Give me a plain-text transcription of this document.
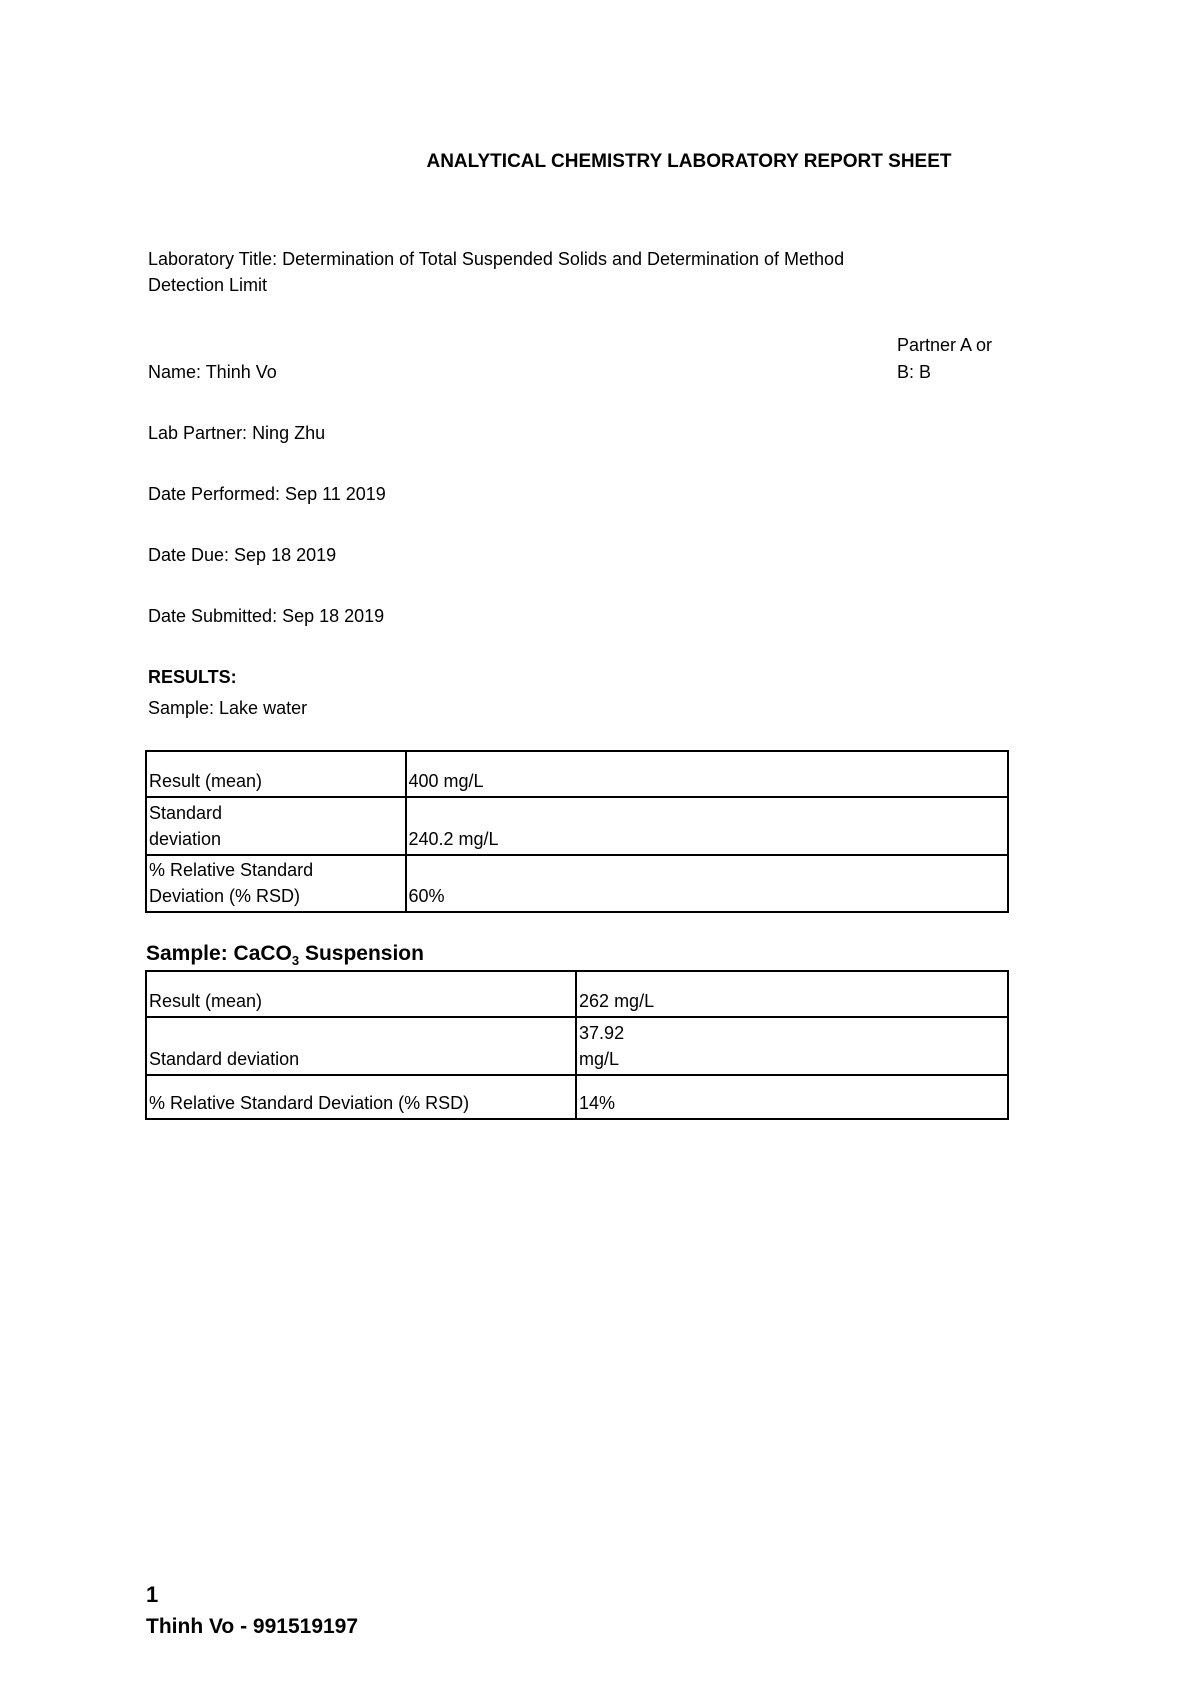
ANALYTICAL CHEMISTRY LABORATORY REPORT SHEET
Laboratory Title: Determination of Total Suspended Solids and Determination of Method
Detection Limit
Partner A or
B: B
Name: Thinh Vo
Lab Partner: Ning Zhu
Date Performed: Sep 11 2019
Date Due: Sep 18 2019
Date Submitted: Sep 18 2019
RESULTS:
Sample: Lake water
Result (mean)	400 mg/L

Standard
deviation	240.2 mg/L

% Relative Standard
Deviation (% RSD)	60%
Sample: CaCO$_3$ Suspension
Result (mean)	262 mg/L
Standard deviation	37.92
mg/L

% Relative Standard Deviation (% RSD)	14%
1
Thinh Vo - 991519197
